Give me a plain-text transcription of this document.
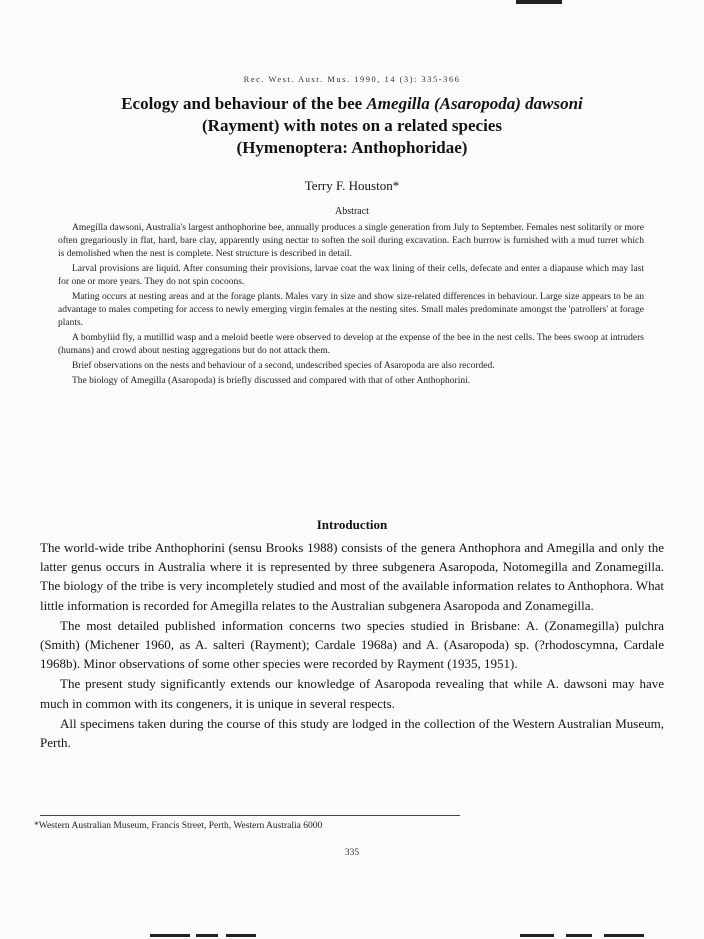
Rec. West. Aust. Mus. 1990, 14 (3): 335-366
Ecology and behaviour of the bee Amegilla (Asaropoda) dawsoni
(Rayment) with notes on a related species
(Hymenoptera: Anthophoridae)
Terry F. Houston*
Abstract

Amegilla dawsoni, Australia's largest anthophorine bee, annually produces a single generation from July to September. Females nest solitarily or more often gregariously in flat, hard, bare clay, apparently using nectar to soften the soil during excavation. Each burrow is furnished with a mud turret which is demolished when the nest is complete. Nest structure is described in detail.

Larval provisions are liquid. After consuming their provisions, larvae coat the wax lining of their cells, defecate and enter a diapause which may last for one or more years. They do not spin cocoons.

Mating occurs at nesting areas and at the forage plants. Males vary in size and show size-related differences in behaviour. Large size appears to be an advantage to males competing for access to newly emerging virgin females at the nesting sites. Small males predominate amongst the 'patrollers' at forage plants.

A bombyliid fly, a mutillid wasp and a meloid beetle were observed to develop at the expense of the bee in the nest cells. The bees swoop at intruders (humans) and crowd about nesting aggregations but do not attack them.

Brief observations on the nests and behaviour of a second, undescribed species of Asaropoda are also recorded.

The biology of Amegilla (Asaropoda) is briefly discussed and compared with that of other Anthophorini.

Introduction

The world-wide tribe Anthophorini (sensu Brooks 1988) consists of the genera Anthophora and Amegilla and only the latter genus occurs in Australia where it is represented by three subgenera Asaropoda, Notomegilla and Zonamegilla. The biology of the tribe is very incompletely studied and most of the available information relates to Anthophora. What little information is recorded for Amegilla relates to the Australian subgenera Asaropoda and Zonamegilla.

The most detailed published information concerns two species studied in Brisbane: A. (Zonamegilla) pulchra (Smith) (Michener 1960, as A. salteri (Rayment); Cardale 1968a) and A. (Asaropoda) sp. (?rhodoscymna, Cardale 1968b). Minor observations of some other species were recorded by Rayment (1935, 1951).

The present study significantly extends our knowledge of Asaropoda revealing that while A. dawsoni may have much in common with its congeners, it is unique in several respects.

All specimens taken during the course of this study are lodged in the collection of the Western Australian Museum, Perth.

*Western Australian Museum, Francis Street, Perth, Western Australia 6000
335
